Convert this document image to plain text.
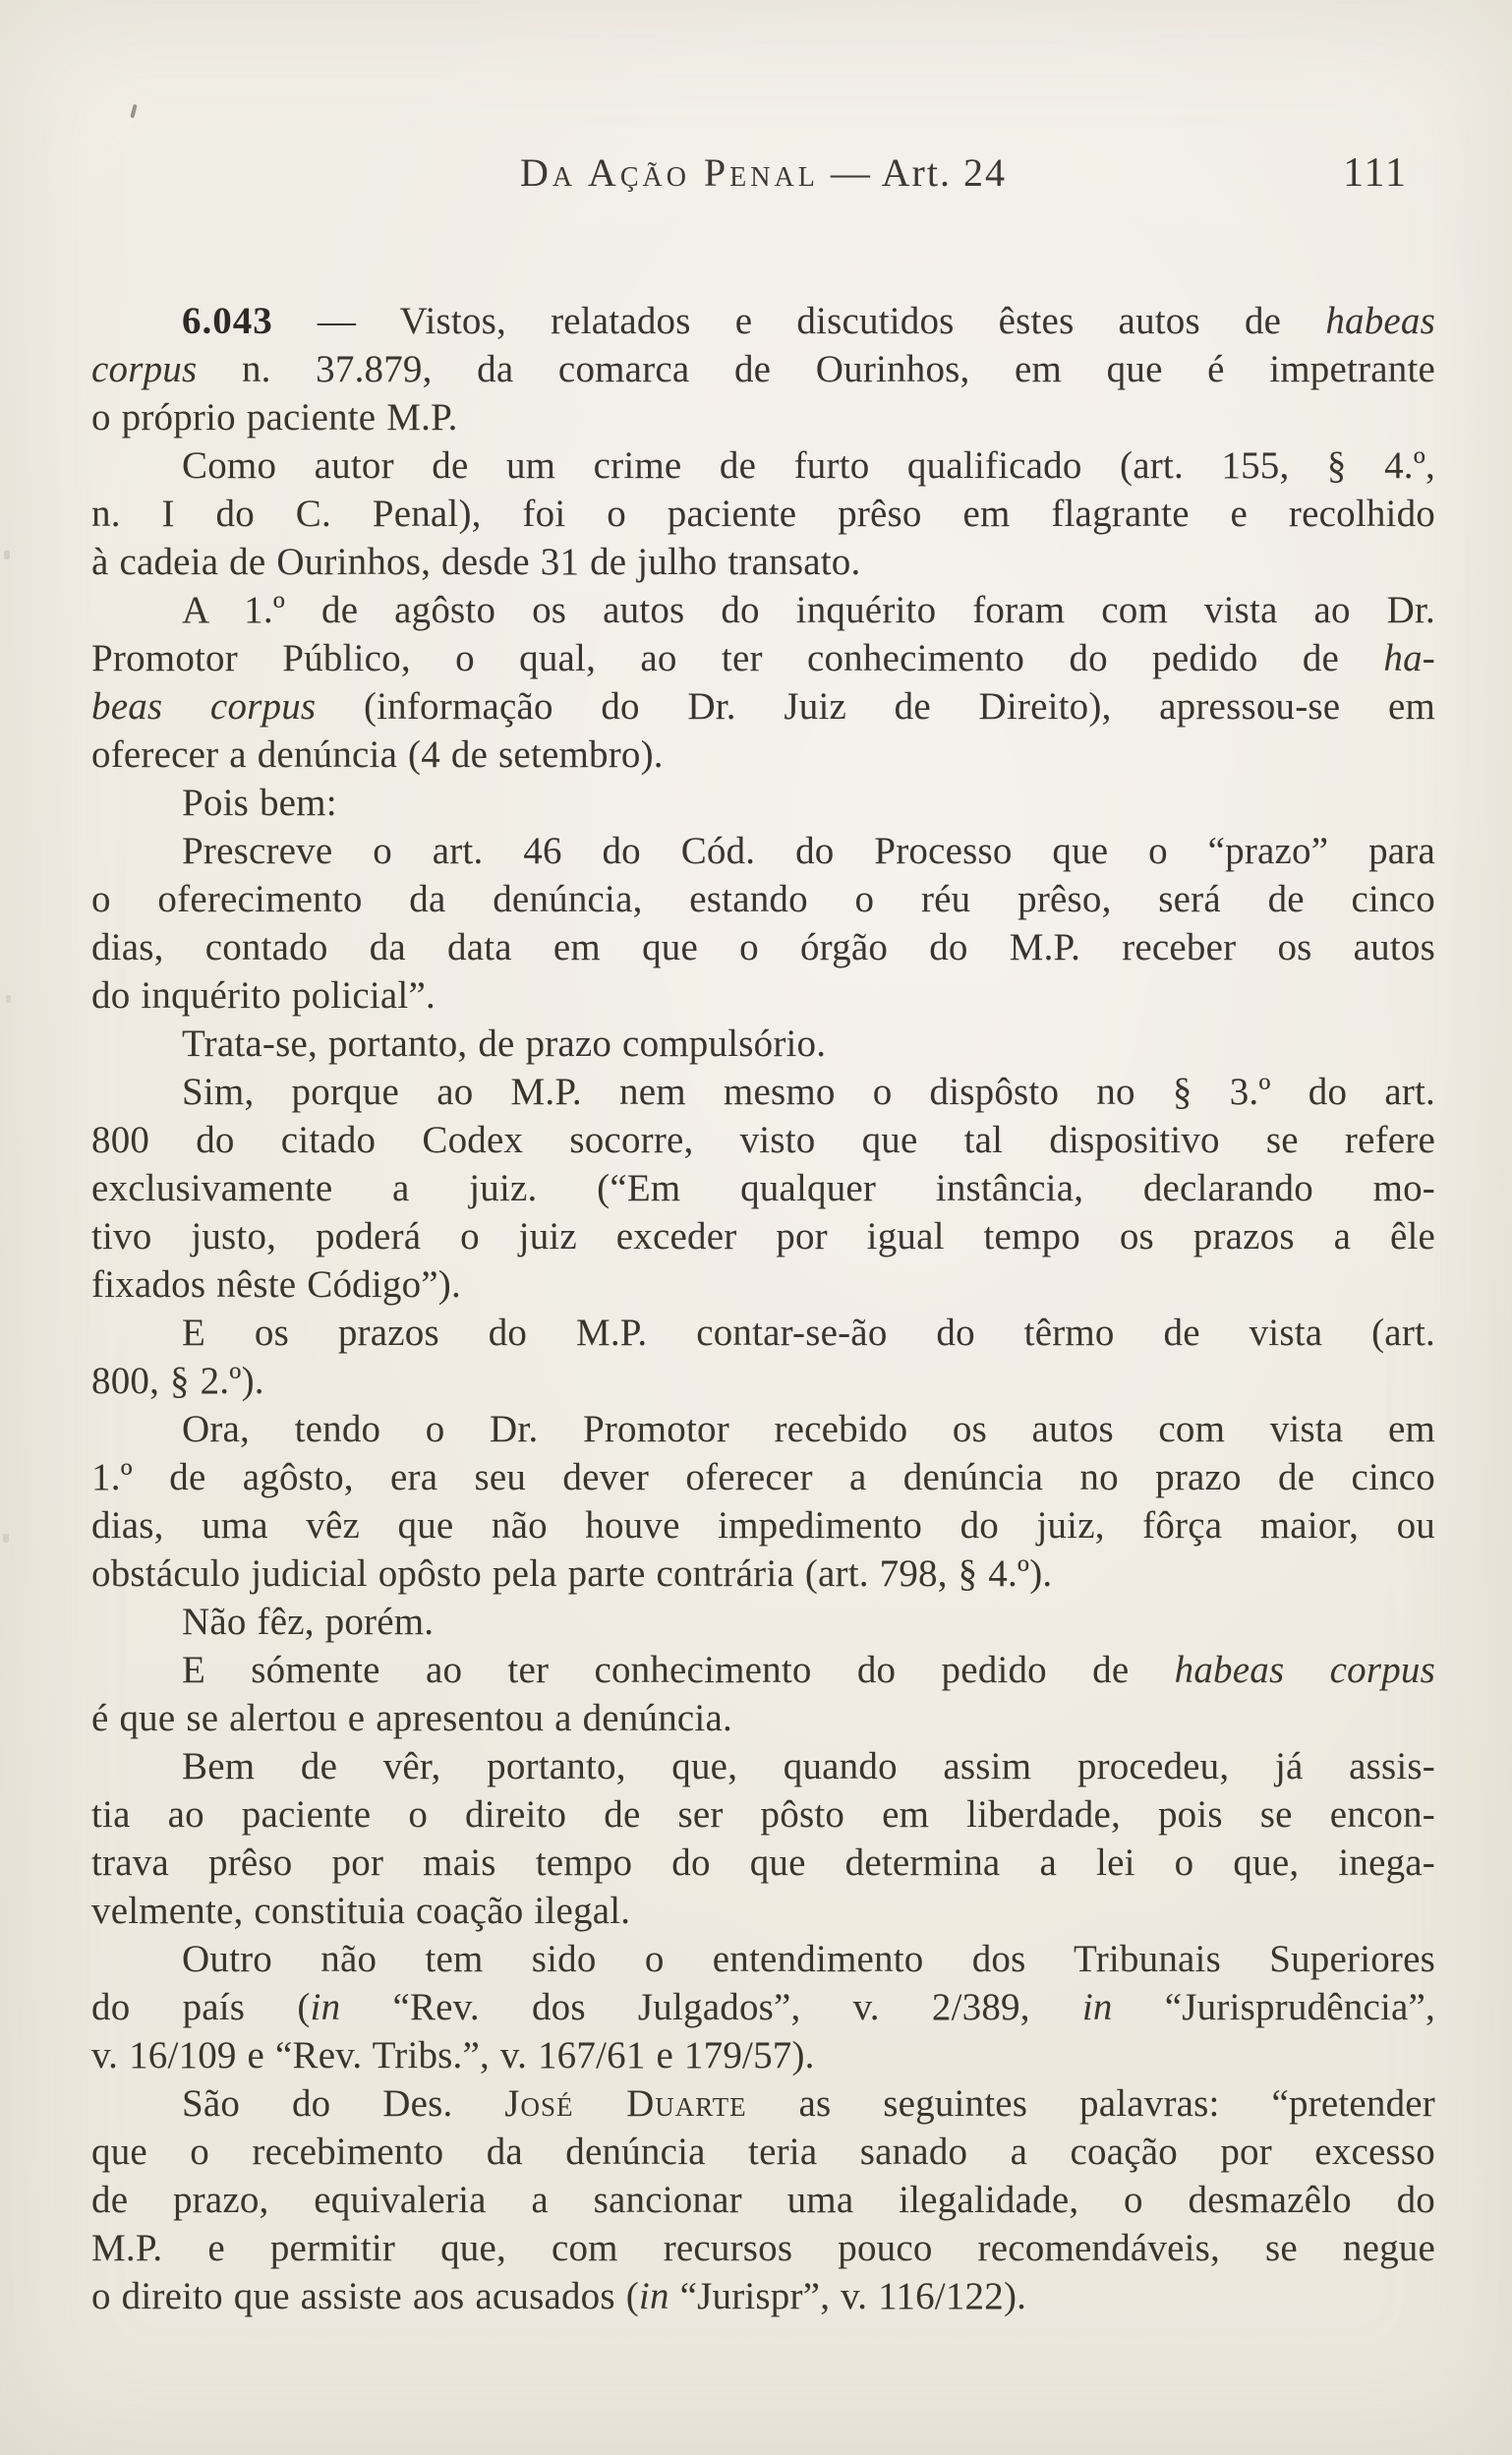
Da Ação Penal — Art. 24	111
6.043 — Vistos, relatados e discutidos êstes autos de habeas
corpus n. 37.879, da comarca de Ourinhos, em que é impetrante
o próprio paciente M.P.
Como autor de um crime de furto qualificado (art. 155, § 4.º,
n. I do C. Penal), foi o paciente prêso em flagrante e recolhido
à cadeia de Ourinhos, desde 31 de julho transato.
A 1.º de agôsto os autos do inquérito foram com vista ao Dr.
Promotor Público, o qual, ao ter conhecimento do pedido de ha-
beas corpus (informação do Dr. Juiz de Direito), apressou-se em
oferecer a denúncia (4 de setembro).
Pois bem:
Prescreve o art. 46 do Cód. do Processo que o “prazo” para
o oferecimento da denúncia, estando o réu prêso, será de cinco
dias, contado da data em que o órgão do M.P. receber os autos
do inquérito policial”.
Trata-se, portanto, de prazo compulsório.
Sim, porque ao M.P. nem mesmo o dispôsto no § 3.º do art.
800 do citado Codex socorre, visto que tal dispositivo se refere
exclusivamente a juiz. (“Em qualquer instância, declarando mo-
tivo justo, poderá o juiz exceder por igual tempo os prazos a êle
fixados nêste Código”).
E os prazos do M.P. contar-se-ão do têrmo de vista (art.
800, § 2.º).
Ora, tendo o Dr. Promotor recebido os autos com vista em
1.º de agôsto, era seu dever oferecer a denúncia no prazo de cinco
dias, uma vêz que não houve impedimento do juiz, fôrça maior, ou
obstáculo judicial opôsto pela parte contrária (art. 798, § 4.º).
Não fêz, porém.
E sómente ao ter conhecimento do pedido de habeas corpus
é que se alertou e apresentou a denúncia.
Bem de vêr, portanto, que, quando assim procedeu, já assis-
tia ao paciente o direito de ser pôsto em liberdade, pois se encon-
trava prêso por mais tempo do que determina a lei o que, inega-
velmente, constituia coação ilegal.
Outro não tem sido o entendimento dos Tribunais Superiores
do país (in “Rev. dos Julgados”, v. 2/389, in “Jurisprudência”,
v. 16/109 e “Rev. Tribs.”, v. 167/61 e 179/57).
São do Des. José Duarte as seguintes palavras: “pretender
que o recebimento da denúncia teria sanado a coação por excesso
de prazo, equivaleria a sancionar uma ilegalidade, o desmazêlo do
M.P. e permitir que, com recursos pouco recomendáveis, se negue
o direito que assiste aos acusados (in “Jurispr”, v. 116/122).
